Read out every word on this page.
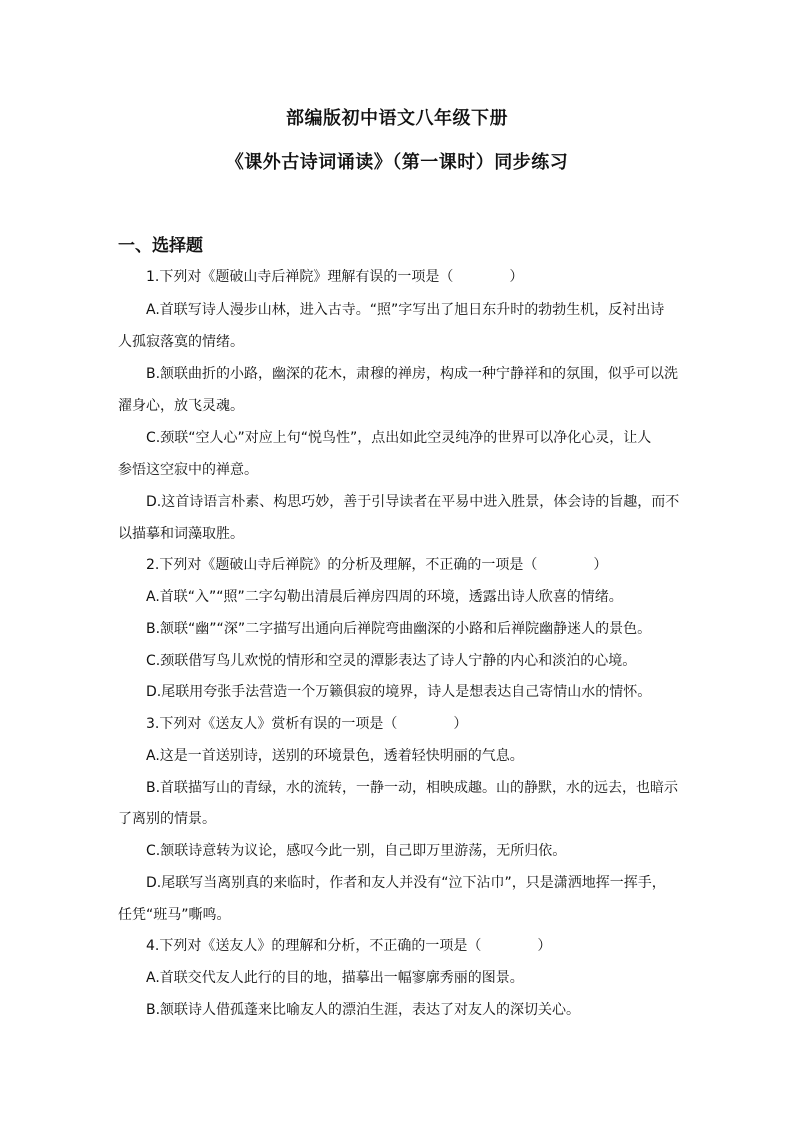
部编版初中语文八年级下册
《课外古诗词诵读》（第一课时）同步练习
一、选择题
1.下列对《题破山寺后禅院》理解有误的一项是（　　　　）
A.首联写诗人漫步山林，进入古寺。“照”字写出了旭日东升时的勃勃生机，反衬出诗
人孤寂落寞的情绪。
B.颔联曲折的小路，幽深的花木，肃穆的禅房，构成一种宁静祥和的氛围，似乎可以洗
濯身心，放飞灵魂。
C.颈联“空人心”对应上句“悦鸟性”，点出如此空灵纯净的世界可以净化心灵，让人
参悟这空寂中的禅意。
D.这首诗语言朴素、构思巧妙，善于引导读者在平易中进入胜景，体会诗的旨趣，而不
以描摹和词藻取胜。
2.下列对《题破山寺后禅院》的分析及理解，不正确的一项是（　　　　）
A.首联“入”“照”二字勾勒出清晨后禅房四周的环境，透露出诗人欣喜的情绪。
B.颔联“幽”“深”二字描写出通向后禅院弯曲幽深的小路和后禅院幽静迷人的景色。
C.颈联借写鸟儿欢悦的情形和空灵的潭影表达了诗人宁静的内心和淡泊的心境。
D.尾联用夸张手法营造一个万籁俱寂的境界，诗人是想表达自己寄情山水的情怀。
3.下列对《送友人》赏析有误的一项是（　　　　）
A.这是一首送别诗，送别的环境景色，透着轻快明丽的气息。
B.首联描写山的青绿，水的流转，一静一动，相映成趣。山的静默，水的远去，也暗示
了离别的情景。
C.颔联诗意转为议论，感叹今此一别，自己即万里游荡，无所归依。
D.尾联写当离别真的来临时，作者和友人并没有“泣下沾巾”，只是潇洒地挥一挥手，
任凭“班马”嘶鸣。
4.下列对《送友人》的理解和分析，不正确的一项是（　　　　）
A.首联交代友人此行的目的地，描摹出一幅寥廓秀丽的图景。
B.颔联诗人借孤蓬来比喻友人的漂泊生涯，表达了对友人的深切关心。
